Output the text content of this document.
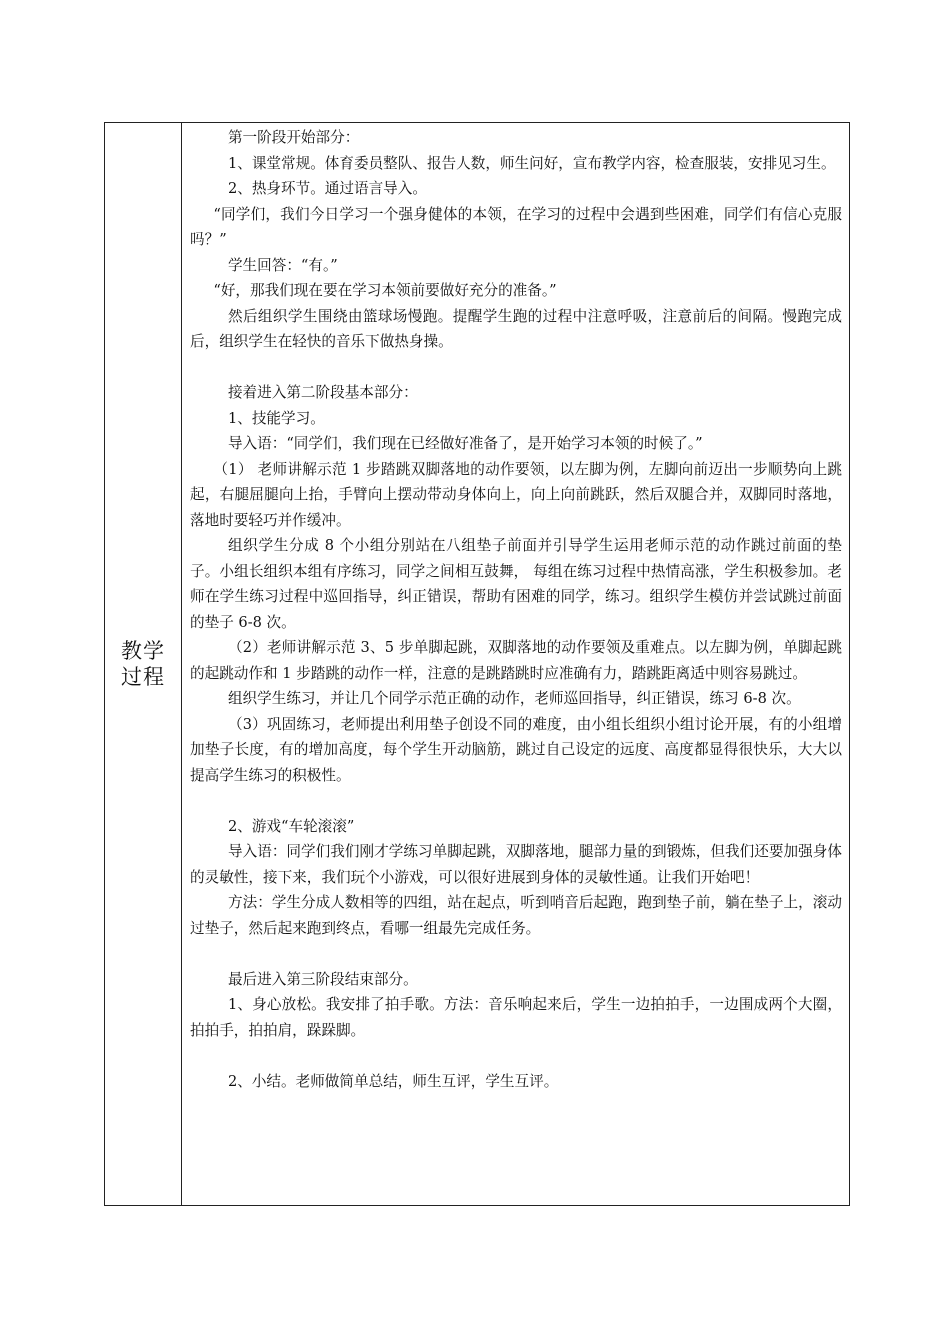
教学过程

第一阶段开始部分：

1、课堂常规。体育委员整队、报告人数，师生问好，宣布教学内容，检查服装，安排见习生。

2、热身环节。通过语言导入。

“同学们，我们今日学习一个强身健体的本领，在学习的过程中会遇到些困难，同学们有信心克服吗？”

学生回答：“有。”

“好，那我们现在要在学习本领前要做好充分的准备。”

然后组织学生围绕由篮球场慢跑。提醒学生跑的过程中注意呼吸，注意前后的间隔。慢跑完成后，组织学生在轻快的音乐下做热身操。

接着进入第二阶段基本部分：

1、技能学习。

导入语：“同学们，我们现在已经做好准备了，是开始学习本领的时候了。”

（1） 老师讲解示范 1 步踏跳双脚落地的动作要领，以左脚为例，左脚向前迈出一步顺势向上跳起，右腿屈腿向上抬，手臂向上摆动带动身体向上，向上向前跳跃，然后双腿合并，双脚同时落地，落地时要轻巧并作缓冲。

组织学生分成 8 个小组分别站在八组垫子前面并引导学生运用老师示范的动作跳过前面的垫子。小组长组织本组有序练习，同学之间相互鼓舞， 每组在练习过程中热情高涨，学生积极参加。老师在学生练习过程中巡回指导，纠正错误，帮助有困难的同学，练习。组织学生模仿并尝试跳过前面的垫子 6-8 次。

（2）老师讲解示范 3、5 步单脚起跳，双脚落地的动作要领及重难点。以左脚为例，单脚起跳的起跳动作和 1 步踏跳的动作一样，注意的是跳踏跳时应准确有力，踏跳距离适中则容易跳过。

组织学生练习，并让几个同学示范正确的动作，老师巡回指导，纠正错误，练习 6-8 次。

（3）巩固练习，老师提出利用垫子创设不同的难度，由小组长组织小组讨论开展，有的小组增加垫子长度，有的增加高度，每个学生开动脑筋，跳过自己设定的远度、高度都显得很快乐，大大以提高学生练习的积极性。

2、游戏“车轮滚滚”

导入语：同学们我们刚才学练习单脚起跳，双脚落地，腿部力量的到锻炼，但我们还要加强身体的灵敏性，接下来，我们玩个小游戏，可以很好进展到身体的灵敏性通。让我们开始吧！

方法：学生分成人数相等的四组，站在起点，听到哨音后起跑，跑到垫子前，躺在垫子上，滚动过垫子，然后起来跑到终点，看哪一组最先完成任务。

最后进入第三阶段结束部分。

1、身心放松。我安排了拍手歌。方法：音乐响起来后，学生一边拍拍手，一边围成两个大圈，拍拍手，拍拍肩，跺跺脚。

2、小结。老师做简单总结，师生互评，学生互评。
